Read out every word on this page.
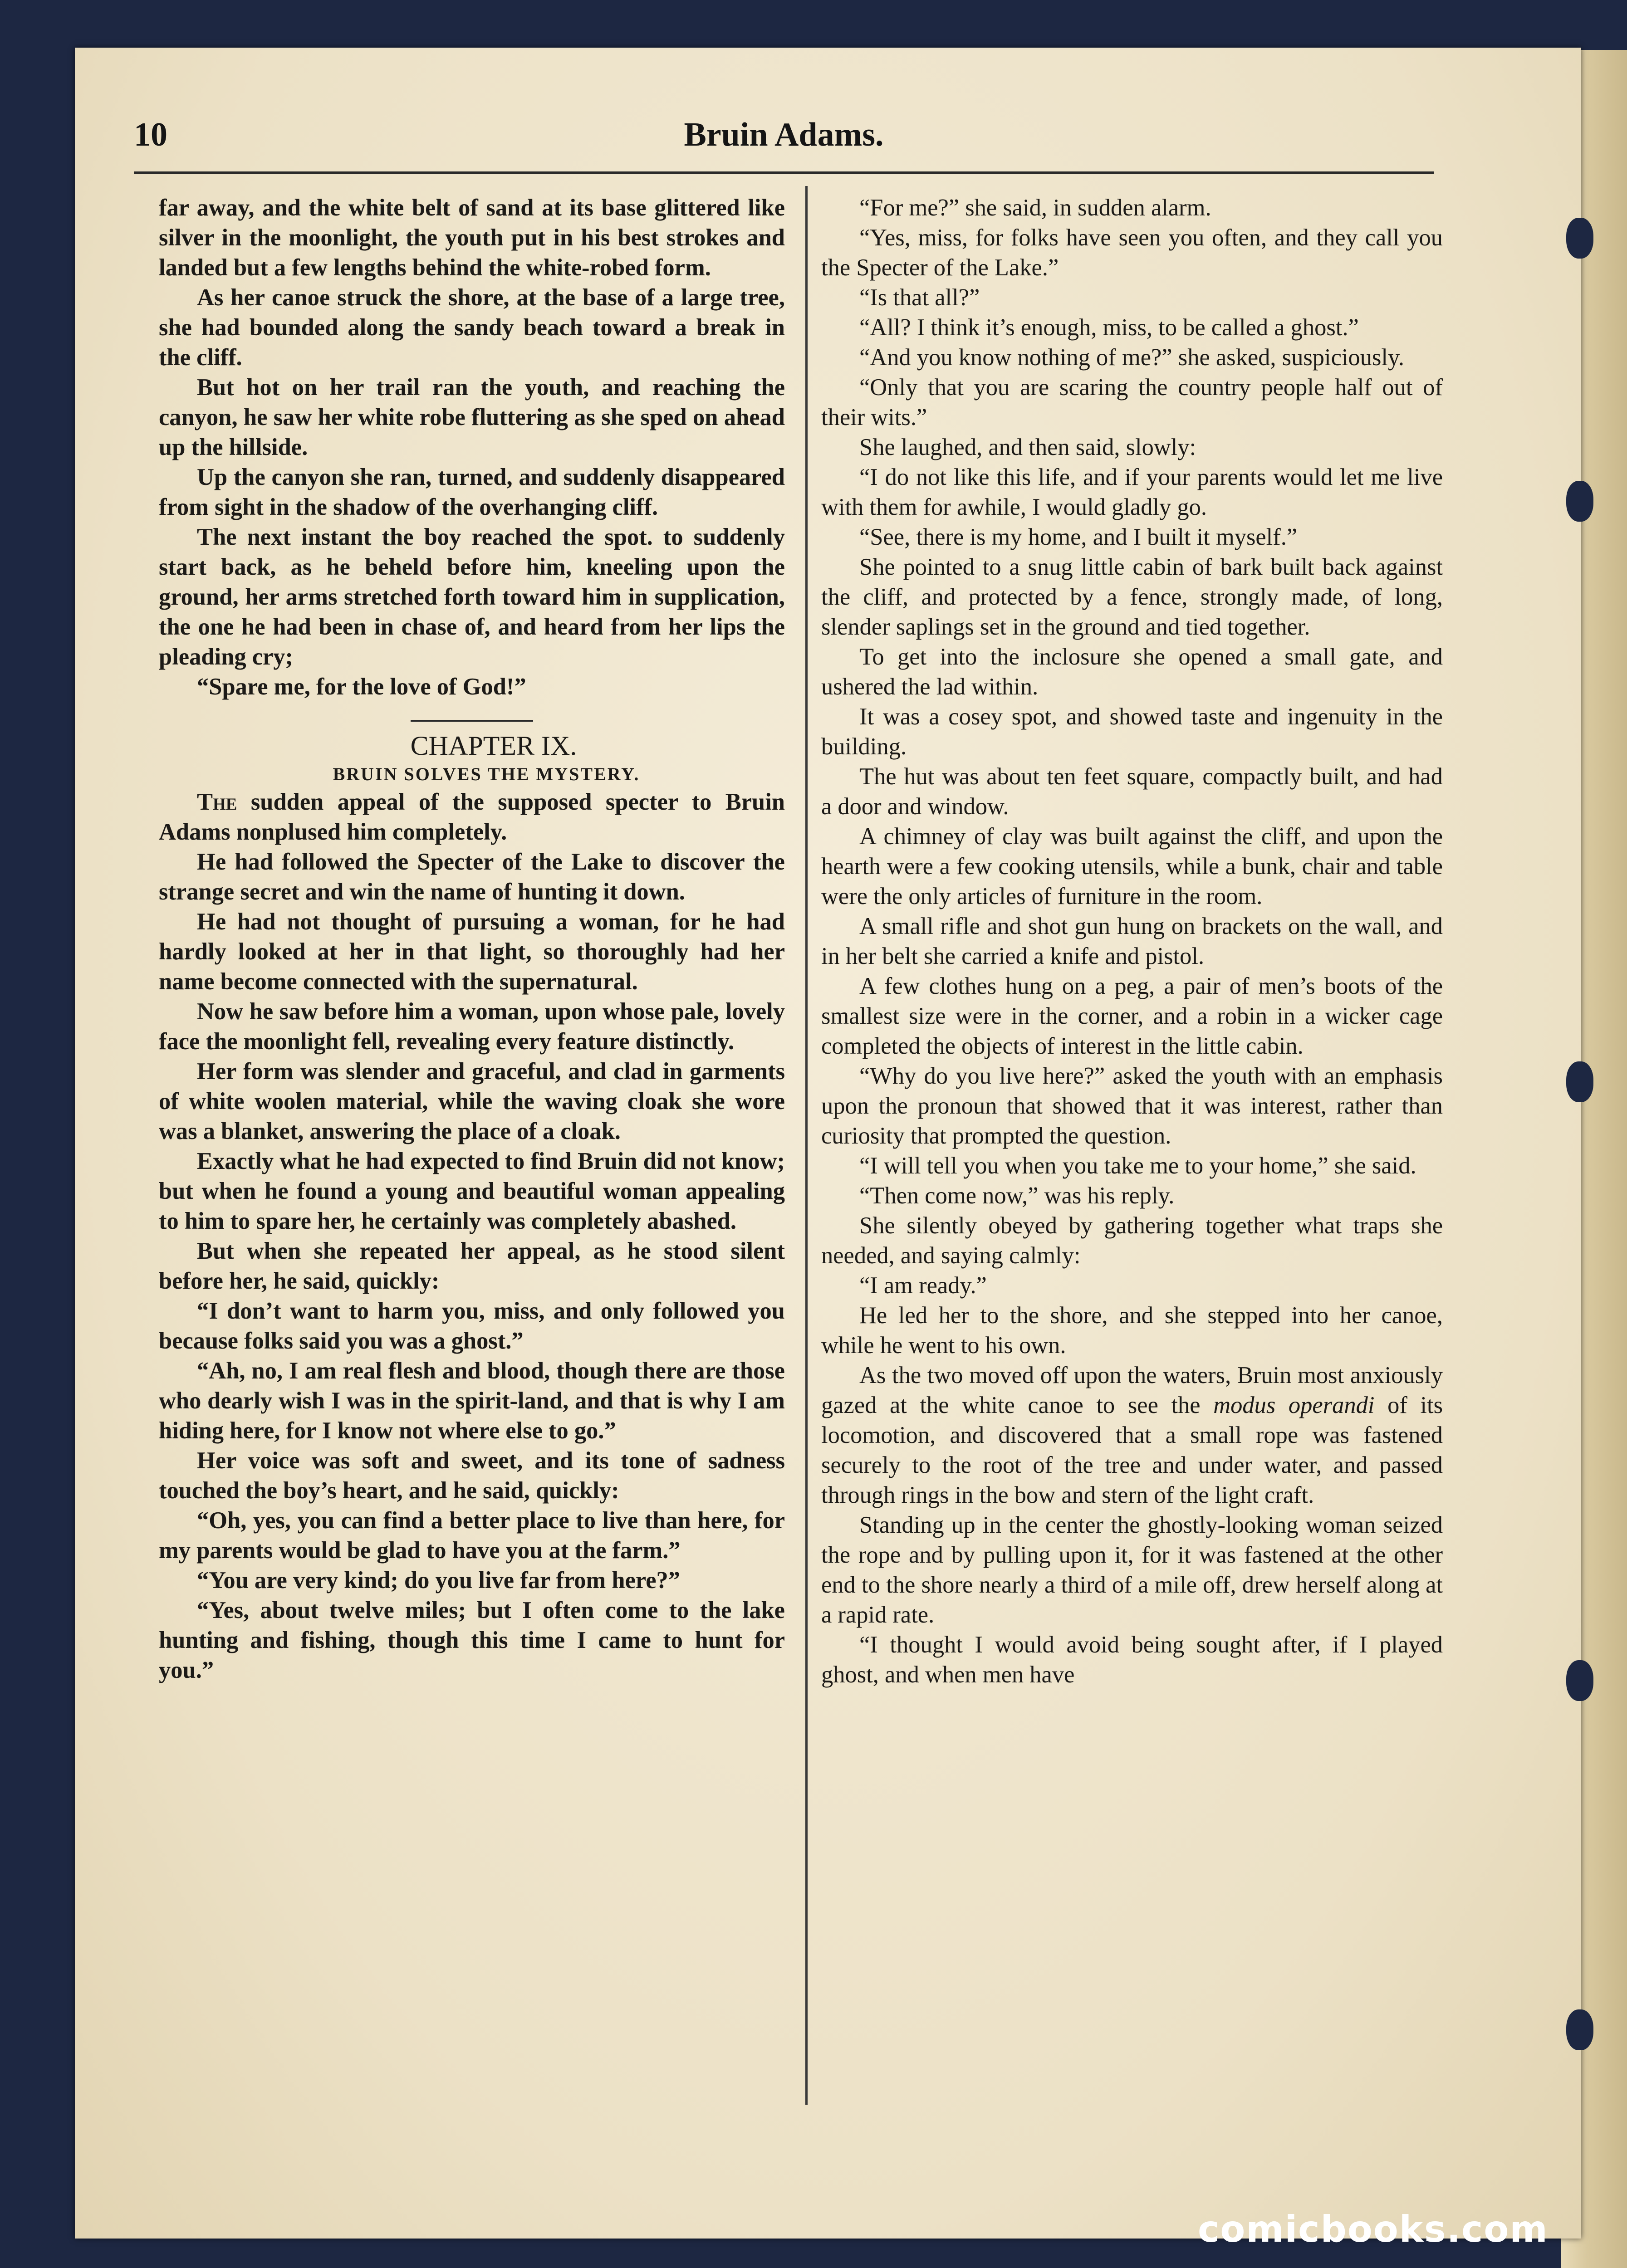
10	Bruin Adams.

far away, and the white belt of sand at its base glittered like silver in the moonlight, the youth put in his best strokes and landed but a few lengths behind the white-robed form.

As her canoe struck the shore, at the base of a large tree, she had bounded along the sandy beach toward a break in the cliff.

But hot on her trail ran the youth, and reaching the canyon, he saw her white robe fluttering as she sped on ahead up the hillside.

Up the canyon she ran, turned, and suddenly disappeared from sight in the shadow of the overhanging cliff.

The next instant the boy reached the spot. to suddenly start back, as he beheld before him, kneeling upon the ground, her arms stretched forth toward him in supplication, the one he had been in chase of, and heard from her lips the pleading cry;

“Spare me, for the love of God!”

CHAPTER IX.

BRUIN SOLVES THE MYSTERY.

The sudden appeal of the supposed specter to Bruin Adams nonplused him completely.

He had followed the Specter of the Lake to discover the strange secret and win the name of hunting it down.

He had not thought of pursuing a woman, for he had hardly looked at her in that light, so thoroughly had her name become connected with the supernatural.

Now he saw before him a woman, upon whose pale, lovely face the moonlight fell, revealing every feature distinctly.

Her form was slender and graceful, and clad in garments of white woolen material, while the waving cloak she wore was a blanket, answering the place of a cloak.

Exactly what he had expected to find Bruin did not know; but when he found a young and beautiful woman appealing to him to spare her, he certainly was completely abashed.

But when she repeated her appeal, as he stood silent before her, he said, quickly:

“I don’t want to harm you, miss, and only followed you because folks said you was a ghost.”

“Ah, no, I am real flesh and blood, though there are those who dearly wish I was in the spirit-land, and that is why I am hiding here, for I know not where else to go.”

Her voice was soft and sweet, and its tone of sadness touched the boy’s heart, and he said, quickly:

“Oh, yes, you can find a better place to live than here, for my parents would be glad to have you at the farm.”

“You are very kind; do you live far from here?”

“Yes, about twelve miles; but I often come to the lake hunting and fishing, though this time I came to hunt for you.”

“For me?” she said, in sudden alarm.

“Yes, miss, for folks have seen you often, and they call you the Specter of the Lake.”

“Is that all?”

“All? I think it’s enough, miss, to be called a ghost.”

“And you know nothing of me?” she asked, suspiciously.

“Only that you are scaring the country people half out of their wits.”

She laughed, and then said, slowly:

“I do not like this life, and if your parents would let me live with them for awhile, I would gladly go.

“See, there is my home, and I built it myself.”

She pointed to a snug little cabin of bark built back against the cliff, and protected by a fence, strongly made, of long, slender saplings set in the ground and tied together.

To get into the inclosure she opened a small gate, and ushered the lad within.

It was a cosey spot, and showed taste and ingenuity in the building.

The hut was about ten feet square, compactly built, and had a door and window.

A chimney of clay was built against the cliff, and upon the hearth were a few cooking utensils, while a bunk, chair and table were the only articles of furniture in the room.

A small rifle and shot gun hung on brackets on the wall, and in her belt she carried a knife and pistol.

A few clothes hung on a peg, a pair of men’s boots of the smallest size were in the corner, and a robin in a wicker cage completed the objects of interest in the little cabin.

“Why do you live here?” asked the youth with an emphasis upon the pronoun that showed that it was interest, rather than curiosity that prompted the question.

“I will tell you when you take me to your home,” she said.

“Then come now,” was his reply.

She silently obeyed by gathering together what traps she needed, and saying calmly:

“I am ready.”

He led her to the shore, and she stepped into her canoe, while he went to his own.

As the two moved off upon the waters, Bruin most anxiously gazed at the white canoe to see the modus operandi of its locomotion, and discovered that a small rope was fastened securely to the root of the tree and under water, and passed through rings in the bow and stern of the light craft.

Standing up in the center the ghostly-looking woman seized the rope and by pulling upon it, for it was fastened at the other end to the shore nearly a third of a mile off, drew herself along at a rapid rate.

“I thought I would avoid being sought after, if I played ghost, and when men have

comicbooks.com
